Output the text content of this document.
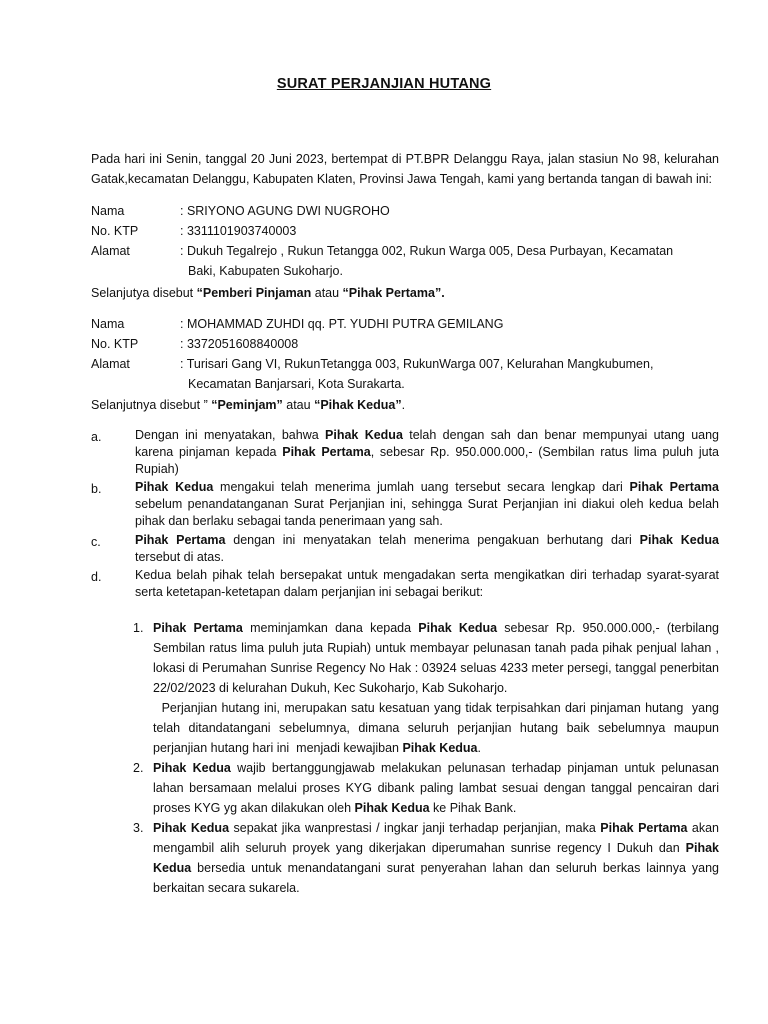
SURAT PERJANJIAN HUTANG
Pada hari ini Senin, tanggal 20 Juni 2023, bertempat di PT.BPR Delanggu Raya, jalan stasiun No 98, kelurahan Gatak,kecamatan Delanggu, Kabupaten Klaten, Provinsi Jawa Tengah, kami yang bertanda tangan di bawah ini:
Nama	: SRIYONO AGUNG DWI NUGROHO
No. KTP	: 3311101903740003
Alamat	: Dukuh Tegalrejo , Rukun Tetangga 002, Rukun Warga 005, Desa Purbayan, Kecamatan
Baki, Kabupaten Sukoharjo.
Selanjutya disebut “Pemberi Pinjaman atau “Pihak Pertama”.
Nama	: MOHAMMAD ZUHDI qq. PT. YUDHI PUTRA GEMILANG
No. KTP	: 3372051608840008
Alamat	: Turisari Gang VI, RukunTetangga 003, RukunWarga 007, Kelurahan Mangkubumen,
Kecamatan Banjarsari, Kota Surakarta.
Selanjutnya disebut ” “Peminjam” atau “Pihak Kedua”.
a.	Dengan ini menyatakan, bahwa Pihak Kedua telah dengan sah dan benar mempunyai utang uang karena pinjaman kepada Pihak Pertama, sebesar Rp. 950.000.000,- (Sembilan ratus lima puluh juta Rupiah)
b.	Pihak Kedua mengakui telah menerima jumlah uang tersebut secara lengkap dari Pihak Pertama sebelum penandatanganan Surat Perjanjian ini, sehingga Surat Perjanjian ini diakui oleh kedua belah pihak dan berlaku sebagai tanda penerimaan yang sah.
c.	Pihak Pertama dengan ini menyatakan telah menerima pengakuan berhutang dari Pihak Kedua tersebut di atas.
d.	Kedua belah pihak telah bersepakat untuk mengadakan serta mengikatkan diri terhadap syarat-syarat serta ketetapan-ketetapan dalam perjanjian ini sebagai berikut:
1. Pihak Pertama meminjamkan dana kepada Pihak Kedua sebesar Rp. 950.000.000,- (terbilang Sembilan ratus lima puluh juta Rupiah) untuk membayar pelunasan tanah pada pihak penjual lahan , lokasi di Perumahan Sunrise Regency No Hak : 03924 seluas 4233 meter persegi, tanggal penerbitan 22/02/2023 di kelurahan Dukuh, Kec Sukoharjo, Kab Sukoharjo.
Perjanjian hutang ini, merupakan satu kesatuan yang tidak terpisahkan dari pinjaman hutang  yang telah ditandatangani sebelumnya, dimana seluruh perjanjian hutang baik sebelumnya maupun perjanjian hutang hari ini  menjadi kewajiban Pihak Kedua.
2. Pihak Kedua wajib bertanggungjawab melakukan pelunasan terhadap pinjaman untuk pelunasan lahan bersamaan melalui proses KYG dibank paling lambat sesuai dengan tanggal pencairan dari proses KYG yg akan dilakukan oleh Pihak Kedua ke Pihak Bank.
3. Pihak Kedua sepakat jika wanprestasi / ingkar janji terhadap perjanjian, maka Pihak Pertama akan mengambil alih seluruh proyek yang dikerjakan diperumahan sunrise regency I Dukuh dan Pihak Kedua bersedia untuk menandatangani surat penyerahan lahan dan seluruh berkas lainnya yang berkaitan secara sukarela.
